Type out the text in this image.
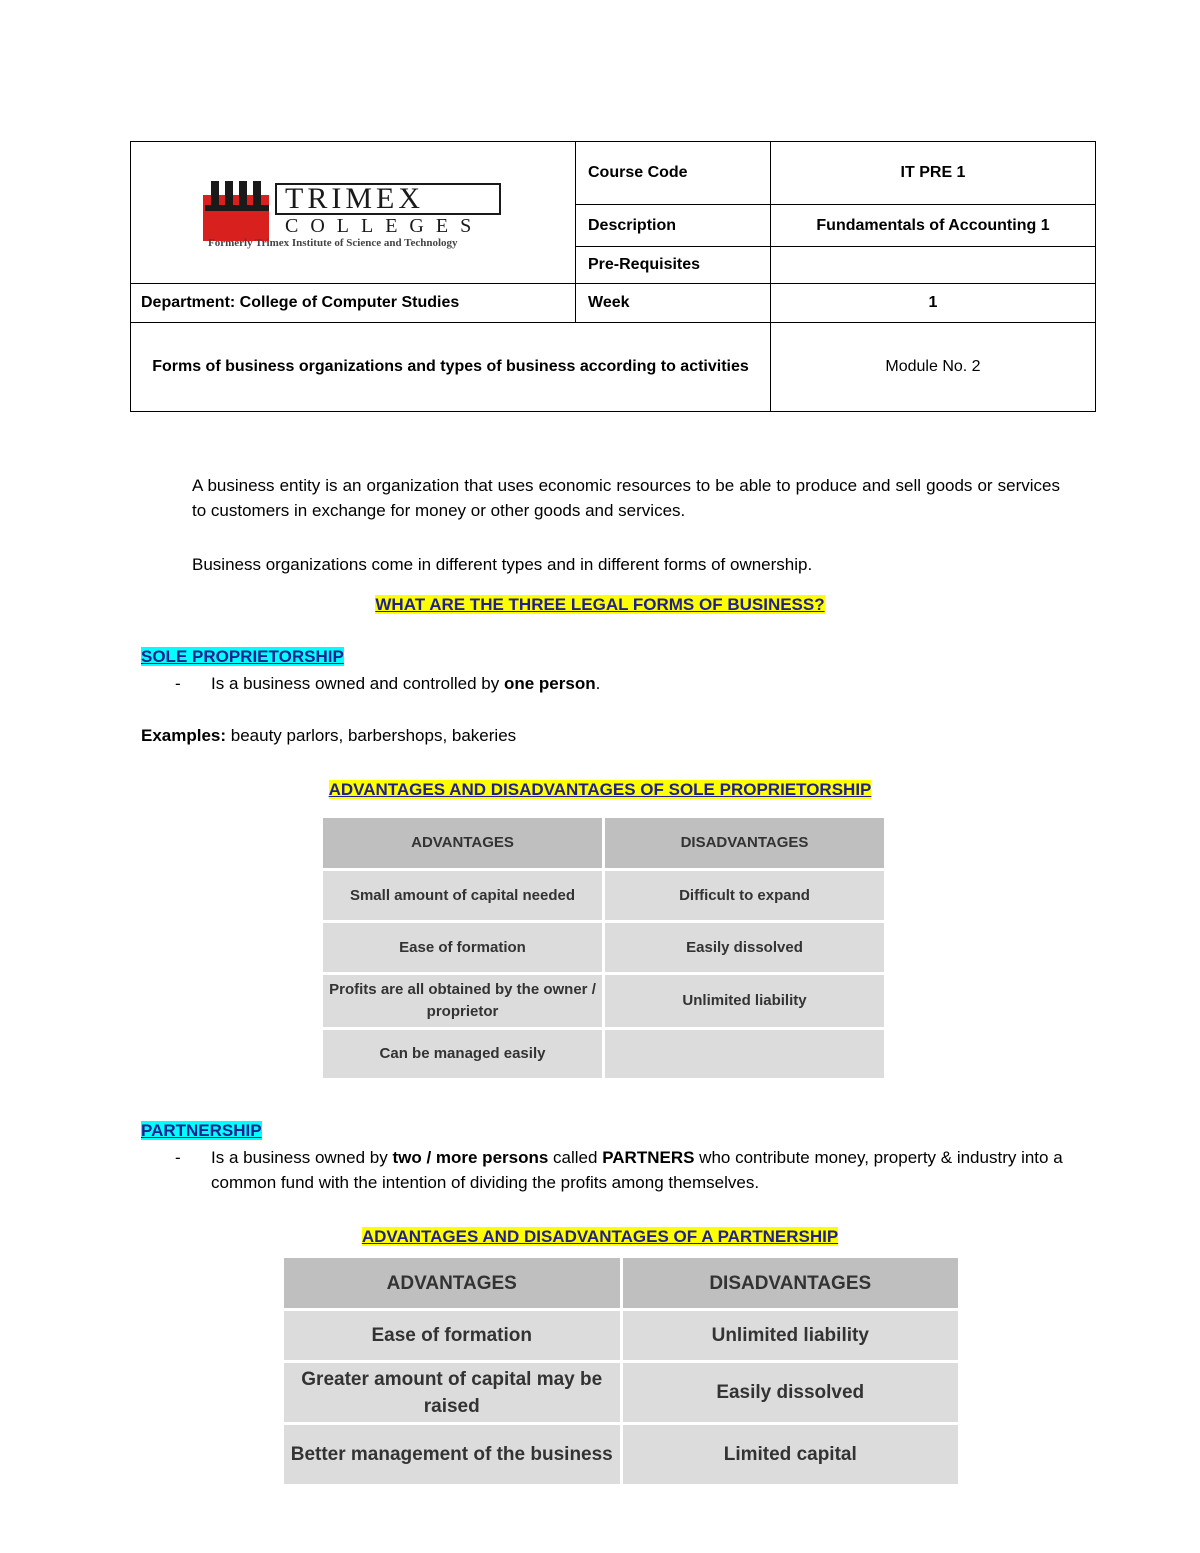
TRIMEX
COLLEGES
Formerly Trimex Institute of Science and Technology
Course Code	IT PRE 1
Description	Fundamentals of Accounting 1
Pre-Requisites
Department: College of Computer Studies	Week	1
Forms of business organizations and types of business according to activities	Module No. 2
A business entity is an organization that uses economic resources to be able to produce and sell goods or services to customers in exchange for money or other goods and services.
Business organizations come in different types and in different forms of ownership.
WHAT ARE THE THREE LEGAL FORMS OF BUSINESS?
SOLE PROPRIETORSHIP
-	Is a business owned and controlled by one person.
Examples: beauty parlors, barbershops, bakeries
ADVANTAGES AND DISADVANTAGES OF SOLE PROPRIETORSHIP
ADVANTAGES	DISADVANTAGES
Small amount of capital needed	Difficult to expand
Ease of formation	Easily dissolved
Profits are all obtained by the owner / proprietor	Unlimited liability
Can be managed easily	
PARTNERSHIP
-	Is a business owned by two / more persons called PARTNERS who contribute money, property & industry into a common fund with the intention of dividing the profits among themselves.
ADVANTAGES AND DISADVANTAGES OF A PARTNERSHIP
ADVANTAGES	DISADVANTAGES
Ease of formation	Unlimited liability
Greater amount of capital may be raised	Easily dissolved
Better management of the business	Limited capital
